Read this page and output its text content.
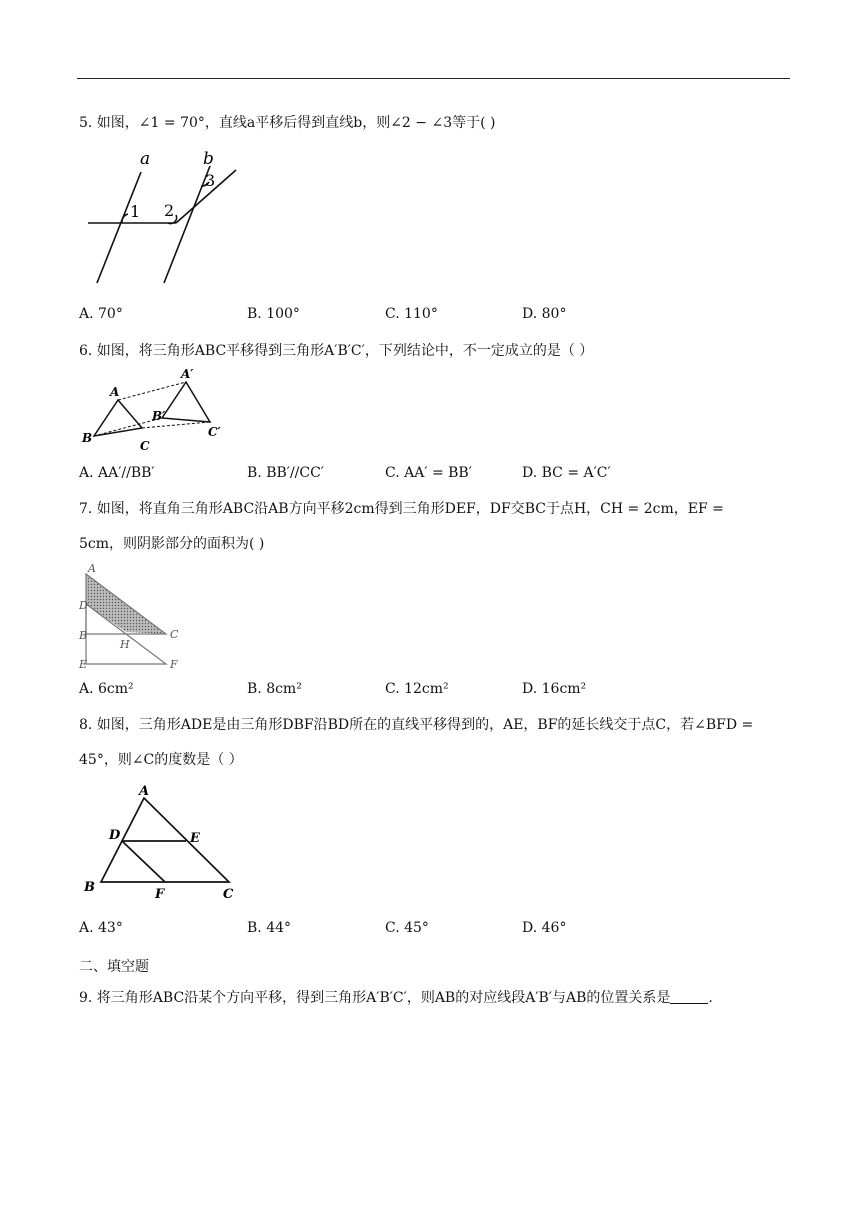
5. 如图，∠1 = 70°，直线a平移后得到直线b，则∠2 − ∠3等于( )
a	b
1 2
3
A. 70°	B. 100°	C. 110°	D. 80°
6. 如图，将三角形ABC平移得到三角形A′B′C′，下列结论中，不一定成立的是（ ）
A
A′
B′
B
C
C′
A. AA′//BB′	B. BB′//CC′	C. AA′ = BB′	D. BC = A′C′
7. 如图，将直角三角形ABC沿AB方向平移2cm得到三角形DEF，DF交BC于点H，CH = 2cm，EF =
5cm，则阴影部分的面积为( )
A
D
B	C
H
E	F
A. 6cm²	B. 8cm²	C. 12cm²	D. 16cm²
8. 如图，三角形ADE是由三角形DBF沿BD所在的直线平移得到的，AE，BF的延长线交于点C，若∠BFD =
45°，则∠C的度数是（ ）
A
D	E
B	F	C
A. 43°	B. 44°	C. 45°	D. 46°
二、填空题
9. 将三角形ABC沿某个方向平移，得到三角形A′B′C′，则AB的对应线段A′B′与AB的位置关系是	.
